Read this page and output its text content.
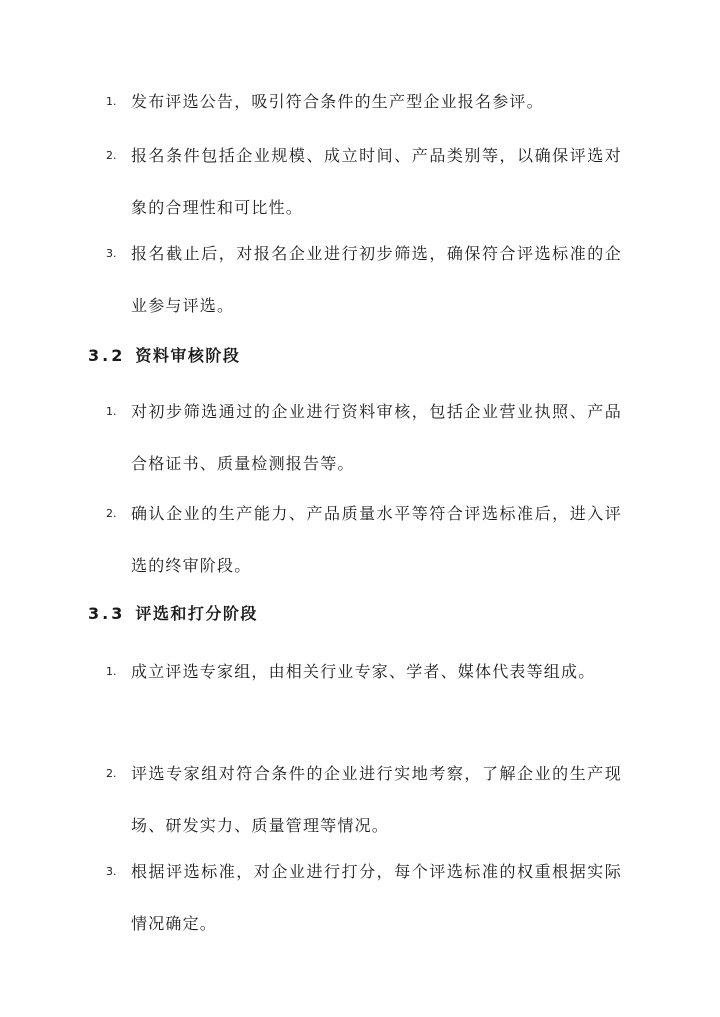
1. 发布评选公告，吸引符合条件的生产型企业报名参评。
2. 报名条件包括企业规模、成立时间、产品类别等，以确保评选对象的合理性和可比性。
3. 报名截止后，对报名企业进行初步筛选，确保符合评选标准的企业参与评选。
3.2 资料审核阶段
1. 对初步筛选通过的企业进行资料审核，包括企业营业执照、产品合格证书、质量检测报告等。
2. 确认企业的生产能力、产品质量水平等符合评选标准后，进入评选的终审阶段。
3.3 评选和打分阶段
1. 成立评选专家组，由相关行业专家、学者、媒体代表等组成。
2. 评选专家组对符合条件的企业进行实地考察，了解企业的生产现场、研发实力、质量管理等情况。
3. 根据评选标准，对企业进行打分，每个评选标准的权重根据实际情况确定。
